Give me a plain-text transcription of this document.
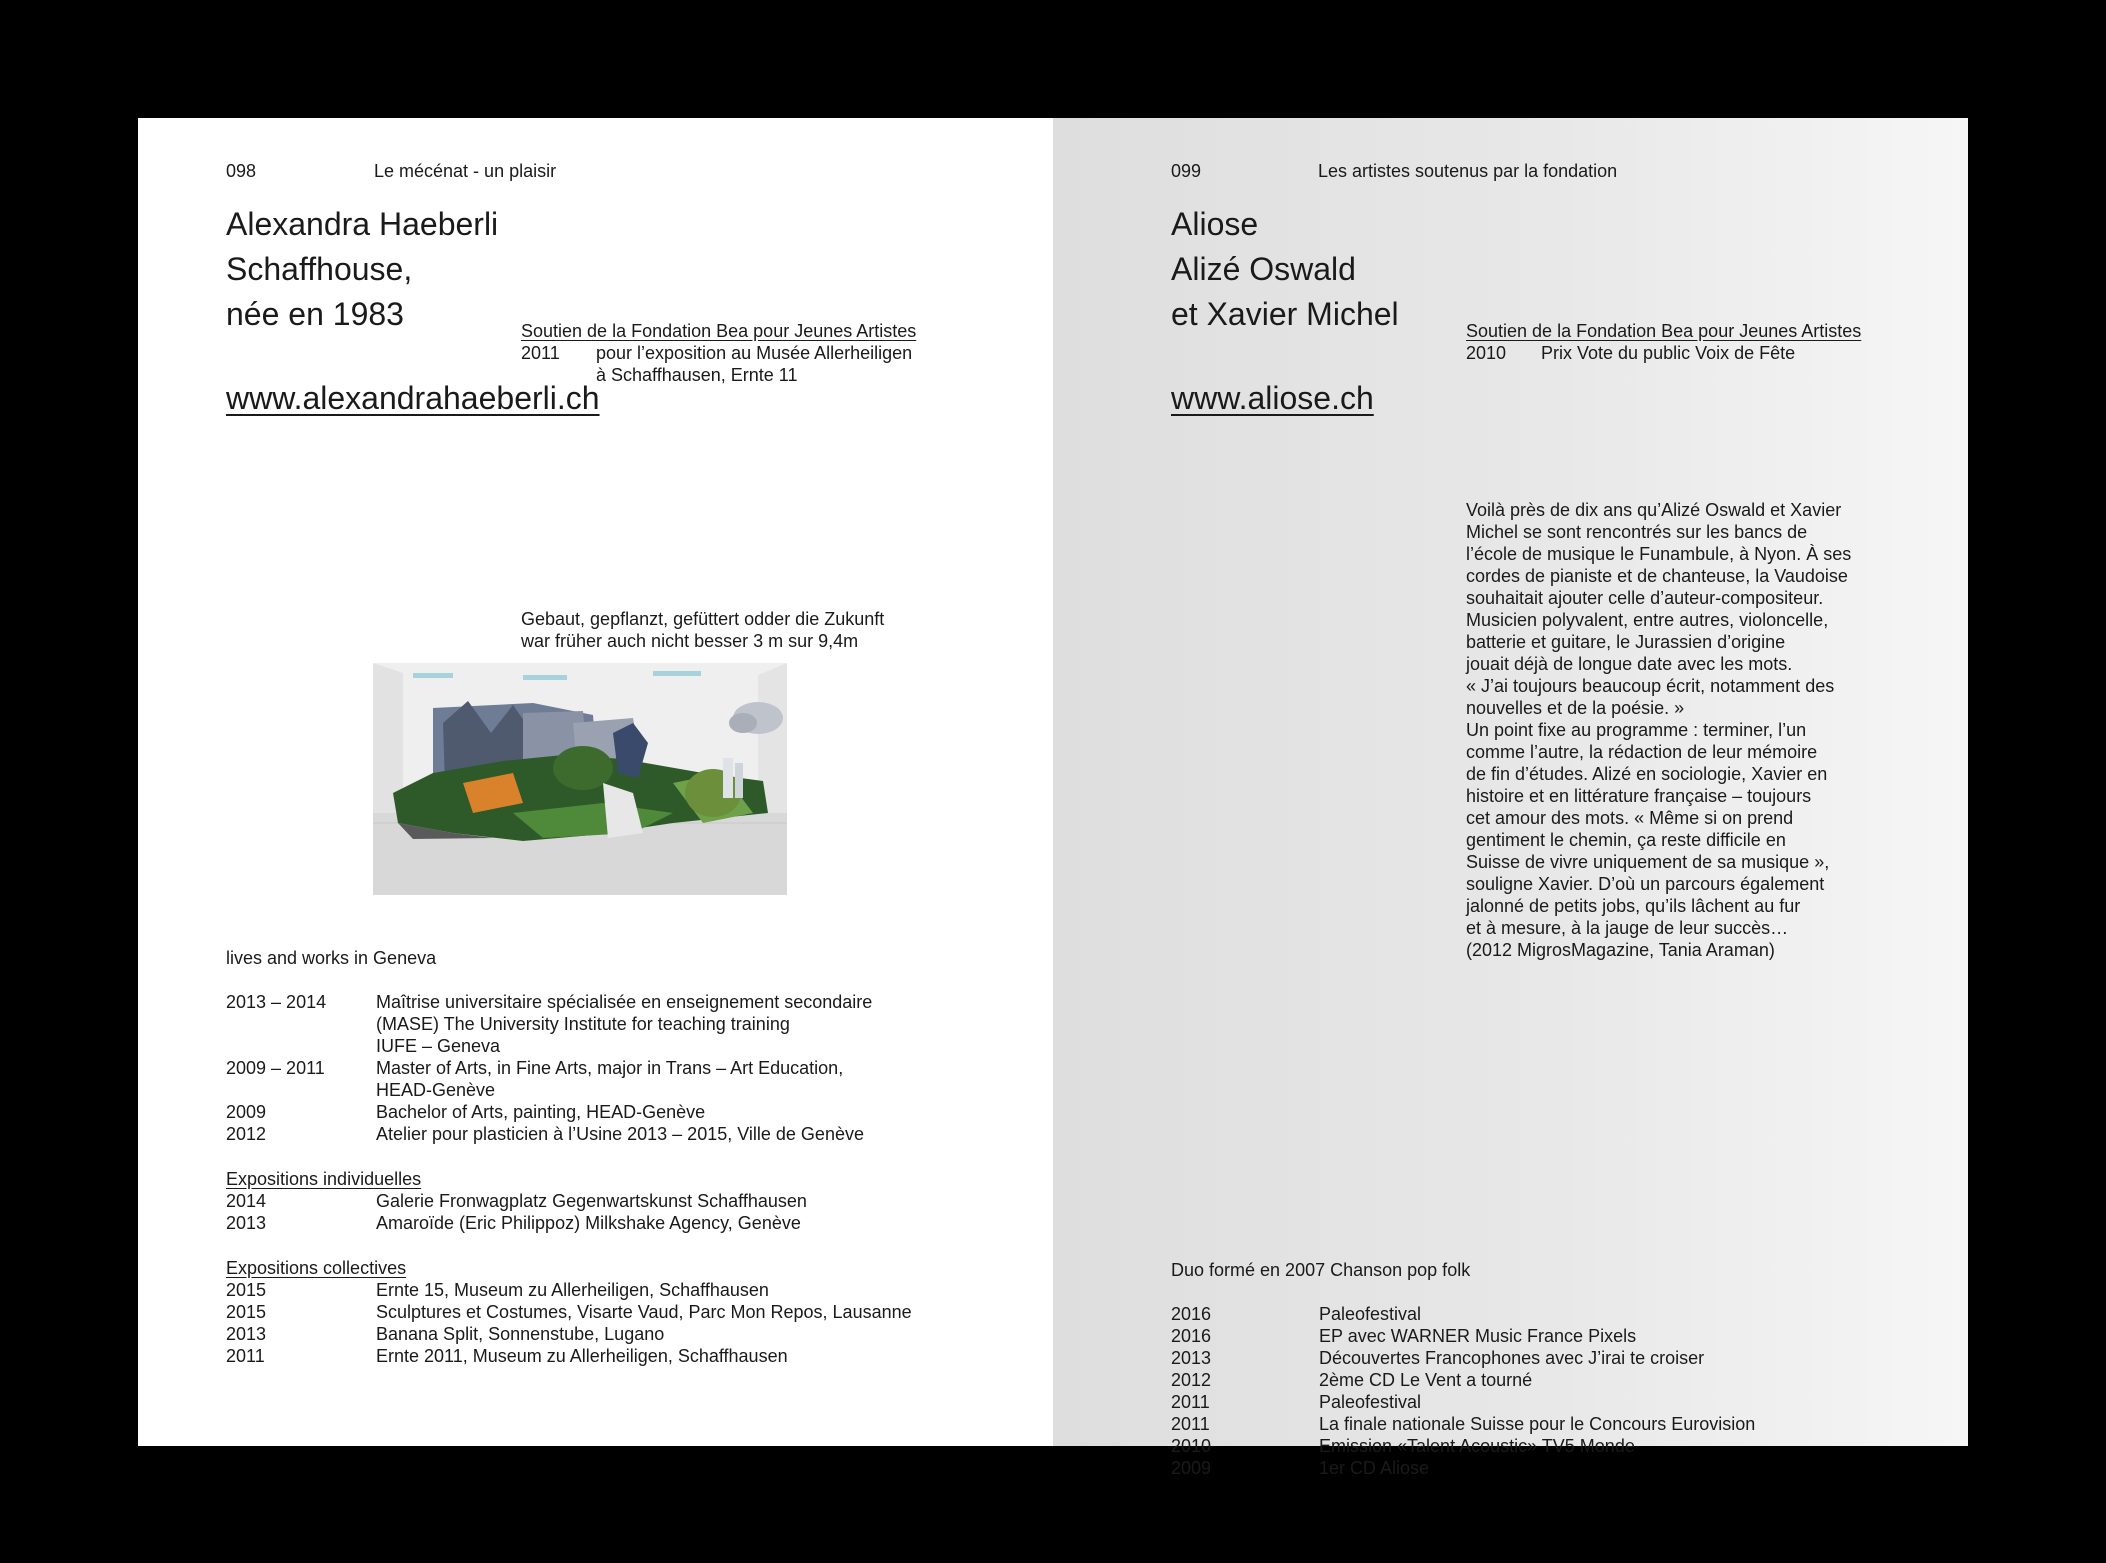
098	Le mécénat - un plaisir
Alexandra Haeberli
Schaffhouse,
née en 1983	Soutien de la Fondation Bea pour Jeunes Artistes
2011 pour l’exposition au Musée Allerheiligen
à Schaffhausen, Ernte 11
www.alexandrahaeberli.ch
Gebaut, gepflanzt, gefüttert odder die Zukunft
war früher auch nicht besser 3 m sur 9,4m
lives and works in Geneva
2013 – 2014	Maîtrise universitaire spécialisée en enseignement secondaire
(MASE) The University Institute for teaching training
IUFE – Geneva
2009 – 2011	Master of Arts, in Fine Arts, major in Trans – Art Education,
HEAD-Genève
2009	Bachelor of Arts, painting, HEAD-Genève
2012	Atelier pour plasticien à l’Usine 2013 – 2015, Ville de Genève
Expositions individuelles
2014	Galerie Fronwagplatz Gegenwartskunst Schaffhausen
2013	Amaroïde (Eric Philippoz) Milkshake Agency, Genève
Expositions collectives
2015	Ernte 15, Museum zu Allerheiligen, Schaffhausen
2015	Sculptures et Costumes, Visarte Vaud, Parc Mon Repos, Lausanne
2013	Banana Split, Sonnenstube, Lugano
2011	Ernte 2011, Museum zu Allerheiligen, Schaffhausen
099	Les artistes soutenus par la fondation
Aliose
Alizé Oswald
et Xavier Michel	Soutien de la Fondation Bea pour Jeunes Artistes
2010 Prix Vote du public Voix de Fête
www.aliose.ch
Voilà près de dix ans qu’Alizé Oswald et Xavier
Michel se sont rencontrés sur les bancs de
l’école de musique le Funambule, à Nyon. À ses
cordes de pianiste et de chanteuse, la Vaudoise
souhaitait ajouter celle d’auteur-compositeur.
Musicien polyvalent, entre autres, violoncelle,
batterie et guitare, le Jurassien d’origine
jouait déjà de longue date avec les mots.
« J’ai toujours beaucoup écrit, notamment des
nouvelles et de la poésie. »
Un point fixe au programme : terminer, l’un
comme l’autre, la rédaction de leur mémoire
de fin d’études. Alizé en sociologie, Xavier en
histoire et en littérature française – toujours
cet amour des mots. « Même si on prend
gentiment le chemin, ça reste difficile en
Suisse de vivre uniquement de sa musique »,
souligne Xavier. D’où un parcours également
jalonné de petits jobs, qu’ils lâchent au fur
et à mesure, à la jauge de leur succès…
(2012 MigrosMagazine, Tania Araman)
Duo formé en 2007 Chanson pop folk
2016	Paleofestival
2016	EP avec WARNER Music France Pixels
2013	Découvertes Francophones avec J’irai te croiser
2012	2ème CD Le Vent a tourné
2011	Paleofestival
2011	La finale nationale Suisse pour le Concours Eurovision
2010	Emission «Talent Acoustic» TV5 Monde
2009	1er CD Aliose
